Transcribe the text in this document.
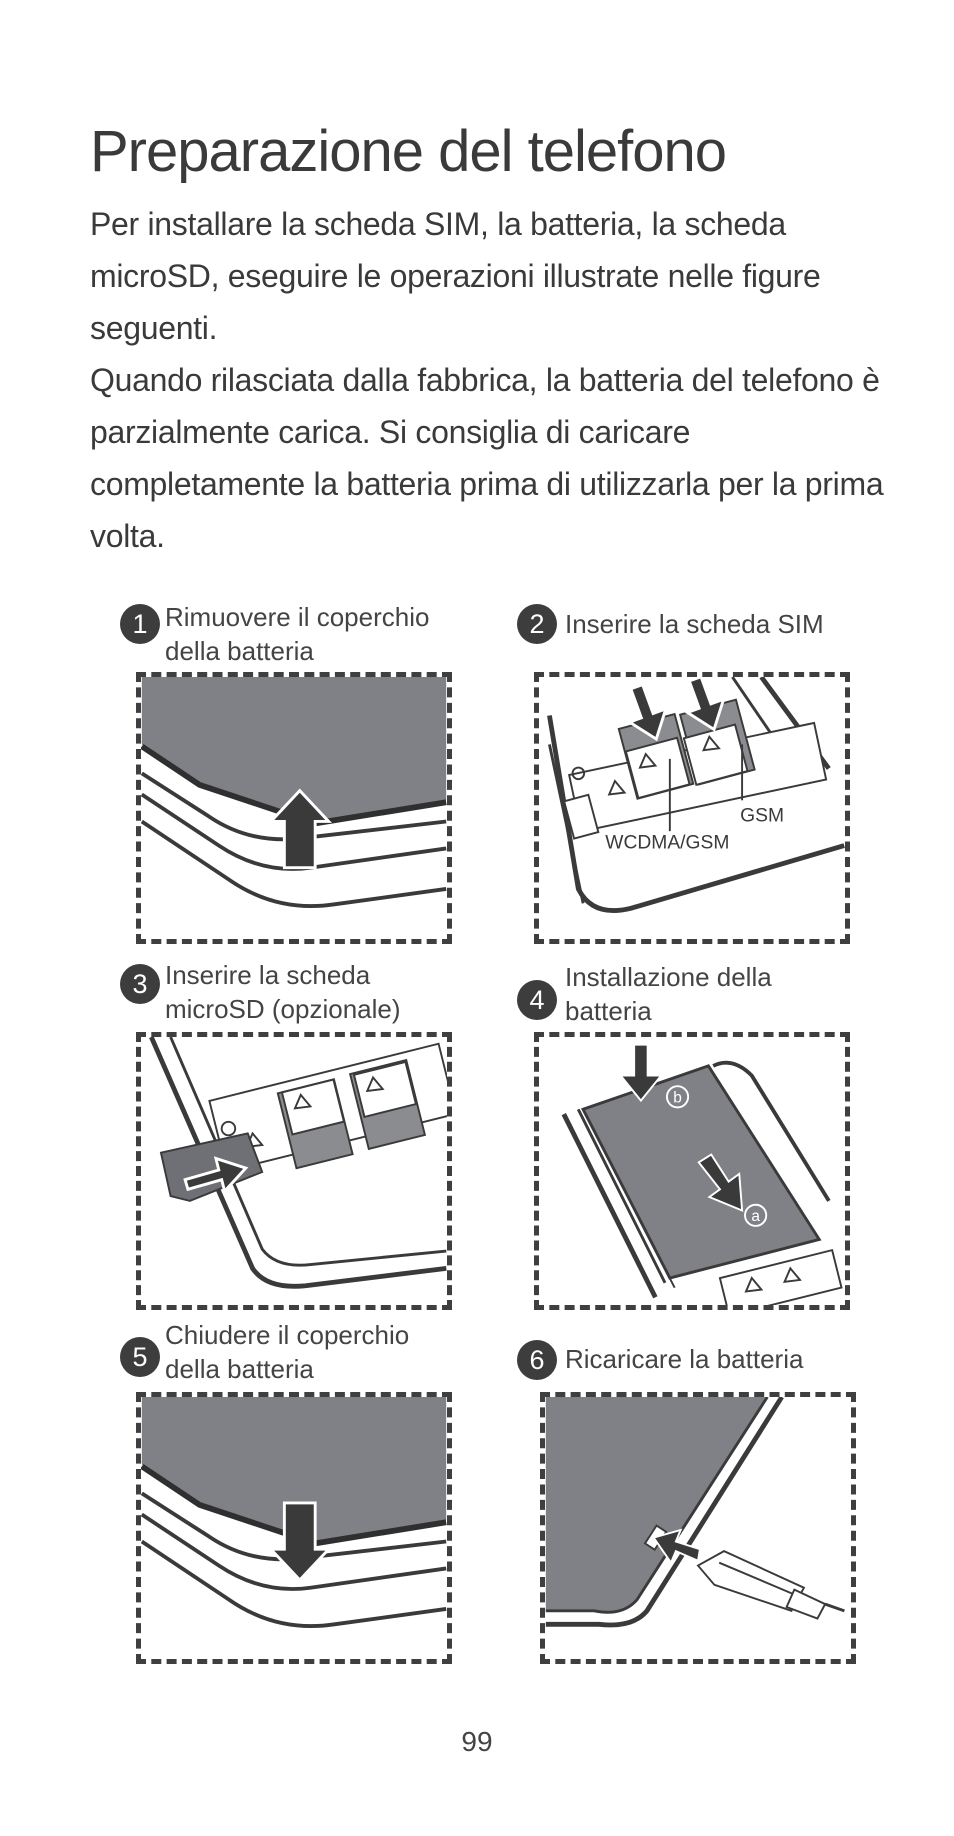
Preparazione del telefono

Per installare la scheda SIM, la batteria, la scheda microSD, eseguire le operazioni illustrate nelle figure seguenti.

Quando rilasciata dalla fabbrica, la batteria del telefono è parzialmente carica. Si consiglia di caricare completamente la batteria prima di utilizzarla per la prima volta.

1 Rimuovere il coperchio
della batteria
2 Inserire la scheda SIM
GSM
WCDMA/GSM
3 Inserire la scheda
microSD (opzionale)	4
Installazione della
batteria
b
a
5
Chiudere il coperchio
della batteria	6 Ricaricare la batteria
99
